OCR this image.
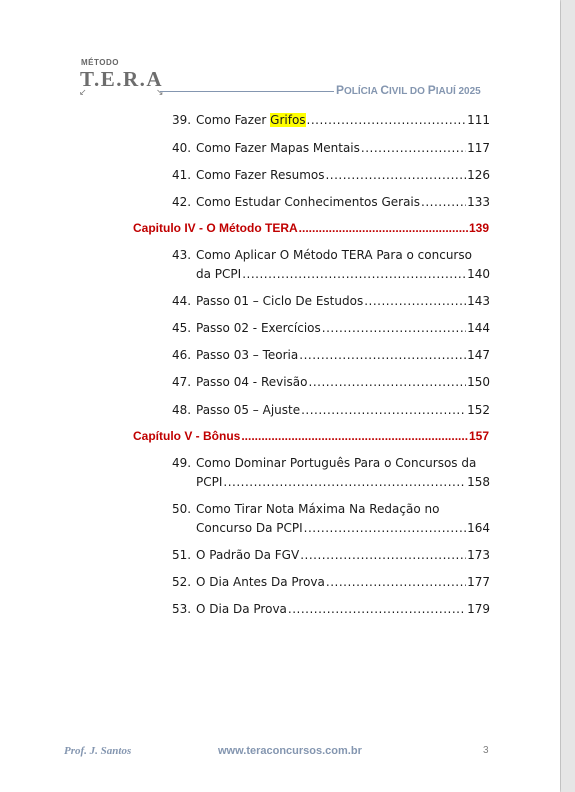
MÉTODO
T.E.R.A
↙	↘	POLÍCIA CIVIL DO PIAUÍ 2025
39. Como Fazer Grifos .....	111
40. Como Fazer Mapas Mentais .....	117
41. Como Fazer Resumos .....	126
42. Como Estudar Conhecimentos Gerais .....	133
Capitulo IV - O Método TERA .....	139
43. Como Aplicar O Método TERA Para o concurso
da PCPI .....	140
44. Passo 01 – Ciclo De Estudos .....	143
45. Passo 02 - Exercícios .....	144
46. Passo 03 – Teoria .....	147
47. Passo 04 - Revisão .....	150
48. Passo 05 – Ajuste .....	152
Capítulo V - Bônus .....	157
49. Como Dominar Português Para o Concursos da
PCPI .....	158
50. Como Tirar Nota Máxima Na Redação no
Concurso Da PCPI .....	164
51. O Padrão Da FGV .....	173
52. O Dia Antes Da Prova .....	177
53. O Dia Da Prova .....	179
Prof. J. Santos	www.teraconcursos.com.br	3
